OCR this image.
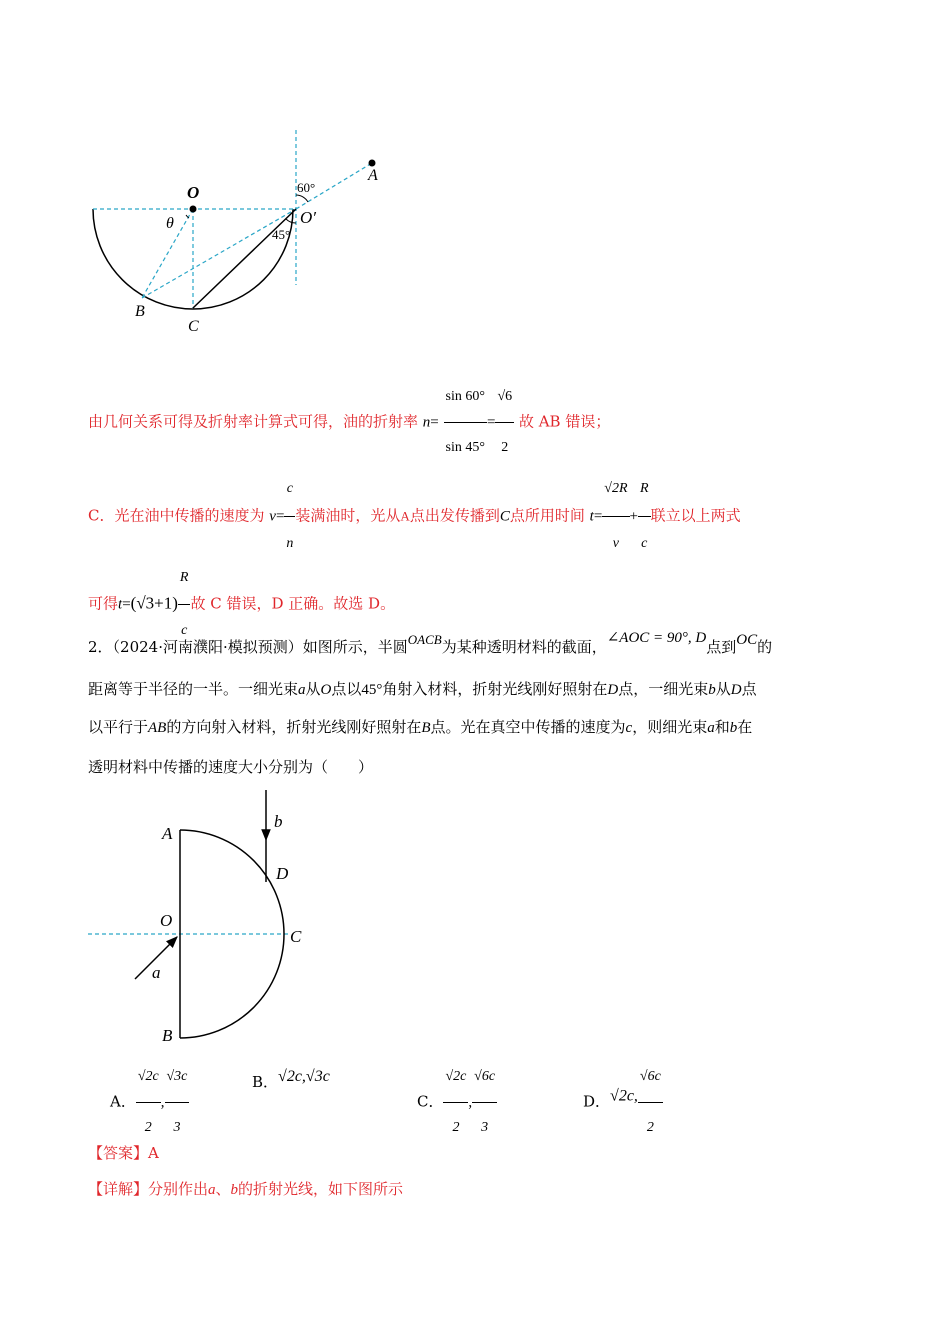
O
A
B
C
O′
θ
60°
45°
由几何关系可得及折射率计算式可得，油的折射率 $n= \frac{\sin 60^\circ}{\sin 45^\circ} = \frac{√6}{2}$ 故 AB 错误；
C．光在油中传播的速度为 $v= \frac{c}{n}$ 装满油时，光从A点出发传播到C点所用时间 $t= \frac{√2R}{v} + \frac{R}{c}$ 联立以上两式
可得$t=(√3+1) \frac{R}{c}$ 故 C 错误，D 正确。故选 D。
2．（2024·河南濮阳·模拟预测）如图所示，半圆OACB为某种透明材料的截面，∠AOC = 90°, D点到OC的
距离等于半径的一半。一细光束a从O点以45°角射入材料，折射光线刚好照射在D点，一细光束b从D点
以平行于AB的方向射入材料，折射光线刚好照射在B点。光在真空中传播的速度为c，则细光束a和b在
透明材料中传播的速度大小分别为（　　）
A
B
O
C
D
a
b
A． $\frac{√2c}{2}$ , $\frac{√3c}{3}$	B．√2c,√3c
C． $\frac{√2c}{2}$ , $\frac{√6c}{3}$	D．√2c, $\frac{√6c}{2}$
【答案】A
【详解】分别作出a、b的折射光线，如下图所示
